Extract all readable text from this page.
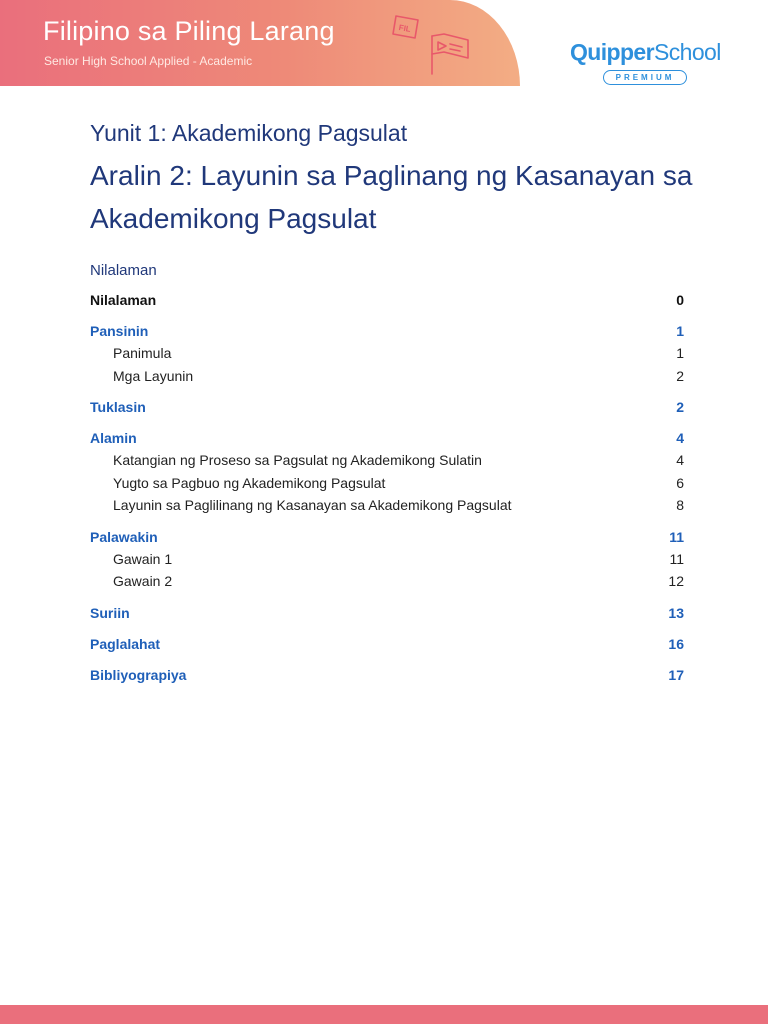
Filipino sa Piling Larang
Senior High School Applied - Academic
FIL
QuipperSchool
PREMIUM
Yunit 1: Akademikong Pagsulat
Aralin 2: Layunin sa Paglinang ng Kasanayan sa Akademikong Pagsulat
Nilalaman
Nilalaman	0
Pansinin	1
Panimula	1
Mga Layunin	2
Tuklasin	2
Alamin	4
Katangian ng Proseso sa Pagsulat ng Akademikong Sulatin	4
Yugto sa Pagbuo ng Akademikong Pagsulat	6
Layunin sa Paglilinang ng Kasanayan sa Akademikong Pagsulat	8
Palawakin	11
Gawain 1	11
Gawain 2	12
Suriin	13
Paglalahat	16
Bibliyograpiya	17
